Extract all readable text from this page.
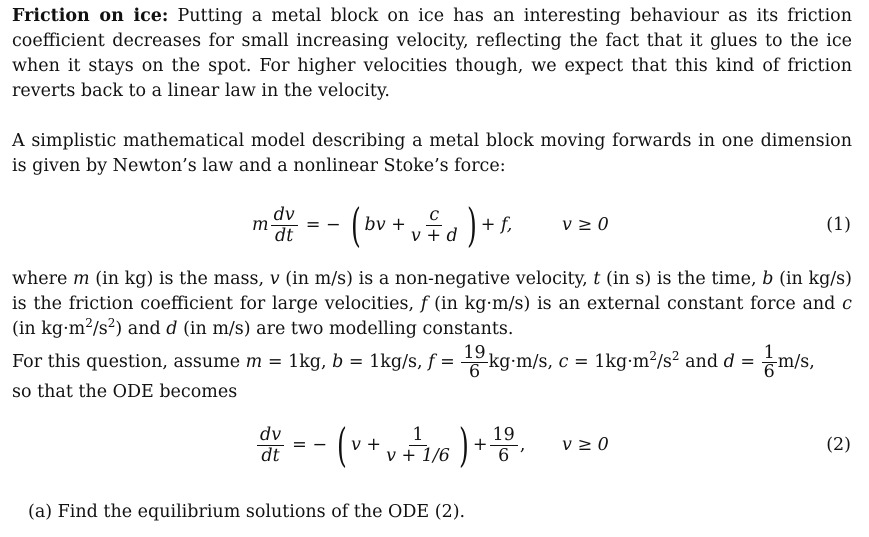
Friction on ice: Putting a metal block on ice has an interesting behaviour as its friction coefficient decreases for small increasing velocity, reflecting the fact that it glues to the ice when it stays on the spot. For higher velocities though, we expect that this kind of friction reverts back to a linear law in the velocity.
A simplistic mathematical model describing a metal block moving forwards in one dimension is given by Newton’s law and a nonlinear Stoke’s force:
m $\frac{dv}{dt}$ = − ( bv + $\frac{c}{v + d}$ ) + f,	v ≥ 0	(1)
where m (in kg) is the mass, v (in m/s) is a non-negative velocity, t (in s) is the time, b (in kg/s) is the friction coefficient for large velocities, f (in kg·m/s) is an external constant force and c (in $kg\cdot m^2/s^2$) and d (in m/s) are two modelling constants.
For this question, assume m = 1kg, b = 1kg/s, $f = \frac{19}{6} kg\cdot m/s$, $c = 1kg\cdot m^2/s^2$ and $d = \frac{1}{6} m/s$,
so that the ODE becomes
$\frac{dv}{dt}$ = − ( $v + \frac{1}{v + 1/6}$ ) + $\frac{19}{6}$ , v ≥ 0	(2)
(a) Find the equilibrium solutions of the ODE (2).
